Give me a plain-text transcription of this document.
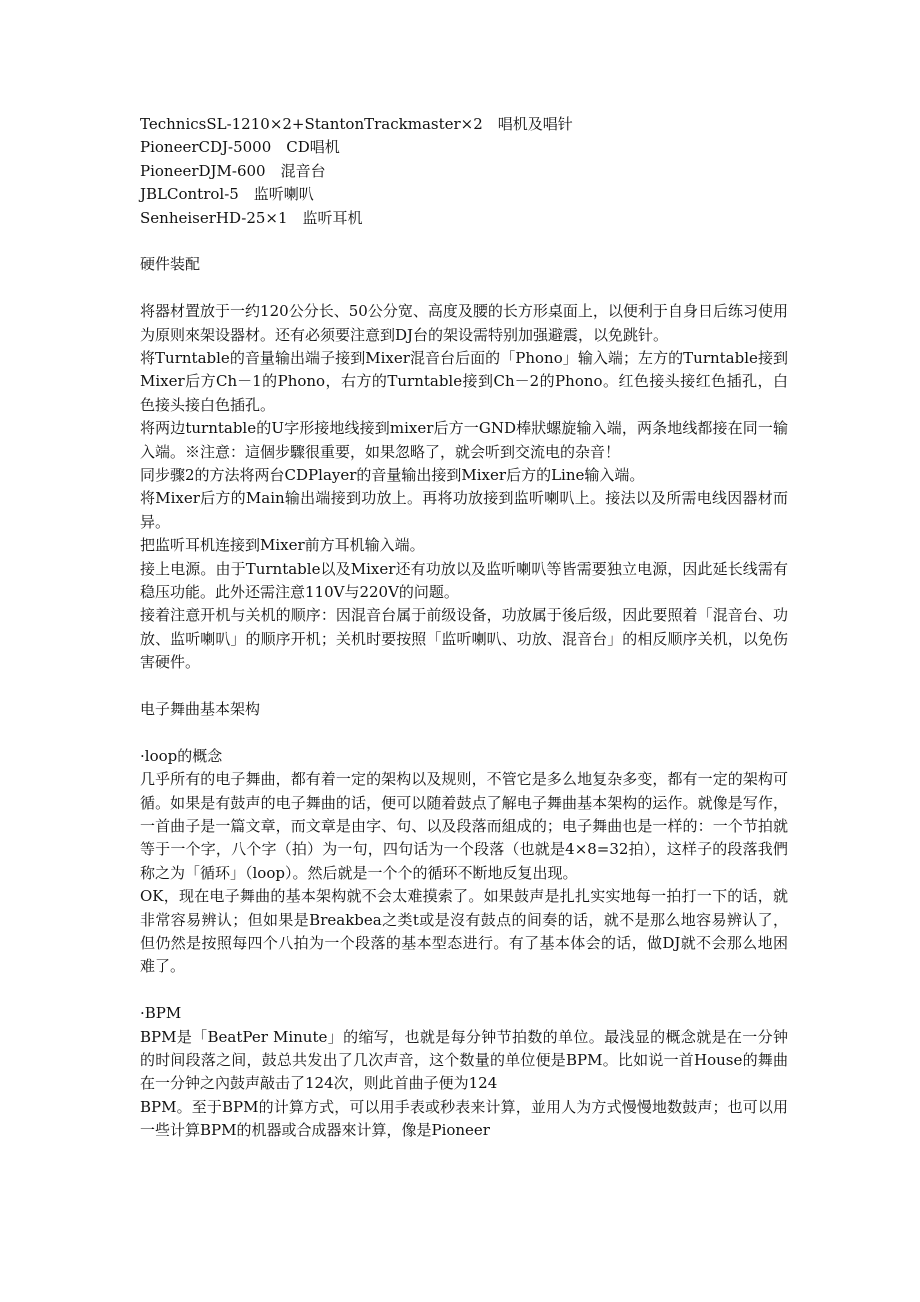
TechnicsSL-1210×2+StantonTrackmaster×2　唱机及唱针
PioneerCDJ-5000　CD唱机
PioneerDJM-600　混音台
JBLControl-5　监听喇叭
SenheiserHD-25×1　监听耳机
硬件装配

将器材置放于一约120公分长、50公分宽、高度及腰的长方形桌面上，以便利于自身日后练习使用为原则來架设器材。还有必须要注意到DJ台的架设需特别加强避震，以免跳针。

将Turntable的音量输出端子接到Mixer混音台后面的「Phono」输入端；左方的Turntable接到Mixer后方Ch－1的Phono，右方的Turntable接到Ch－2的Phono。红色接头接红色插孔，白色接头接白色插孔。

将两边turntable的U字形接地线接到mixer后方一GND棒狀螺旋输入端，两条地线都接在同一输入端。※注意：這個步驟很重要，如果忽略了，就会听到交流电的杂音！

同步骤2的方法将两台CDPlayer的音量输出接到Mixer后方的Line输入端。

将Mixer后方的Main输出端接到功放上。再将功放接到监听喇叭上。接法以及所需电线因器材而异。

把监听耳机连接到Mixer前方耳机输入端。

接上电源。由于Turntable以及Mixer还有功放以及监听喇叭等皆需要独立电源，因此延长线需有稳压功能。此外还需注意110V与220V的问题。

接着注意开机与关机的顺序：因混音台属于前级设备，功放属于後后级，因此要照着「混音台、功放、监听喇叭」的顺序开机；关机时要按照「监听喇叭、功放、混音台」的相反顺序关机，以免伤害硬件。

电子舞曲基本架构
·loop的概念

几乎所有的电子舞曲，都有着一定的架构以及规则，不管它是多么地复杂多变，都有一定的架构可循。如果是有鼓声的电子舞曲的话，便可以随着鼓点了解电子舞曲基本架构的运作。就像是写作，一首曲子是一篇文章，而文章是由字、句、以及段落而組成的；电子舞曲也是一样的：一个节拍就等于一个字，八个字（拍）为一句，四句话为一个段落（也就是4×8=32拍），这样子的段落我們称之为「循环」（loop）。然后就是一个个的循环不断地反复出现。

OK，现在电子舞曲的基本架构就不会太难摸索了。如果鼓声是扎扎实实地每一拍打一下的话，就非常容易辨认；但如果是Breakbea之类t或是沒有鼓点的间奏的话，就不是那么地容易辨认了，但仍然是按照每四个八拍为一个段落的基本型态进行。有了基本体会的话，做DJ就不会那么地困难了。

·BPM

BPM是「BeatPer Minute」的缩写，也就是每分钟节拍数的单位。最浅显的概念就是在一分钟的时间段落之间，鼓总共发出了几次声音，这个数量的单位便是BPM。比如说一首House的舞曲在一分钟之內鼓声敲击了124次，则此首曲子便为124

BPM。至于BPM的计算方式，可以用手表或秒表来计算，並用人为方式慢慢地数鼓声；也可以用一些计算BPM的机器或合成器來计算，像是Pioneer
